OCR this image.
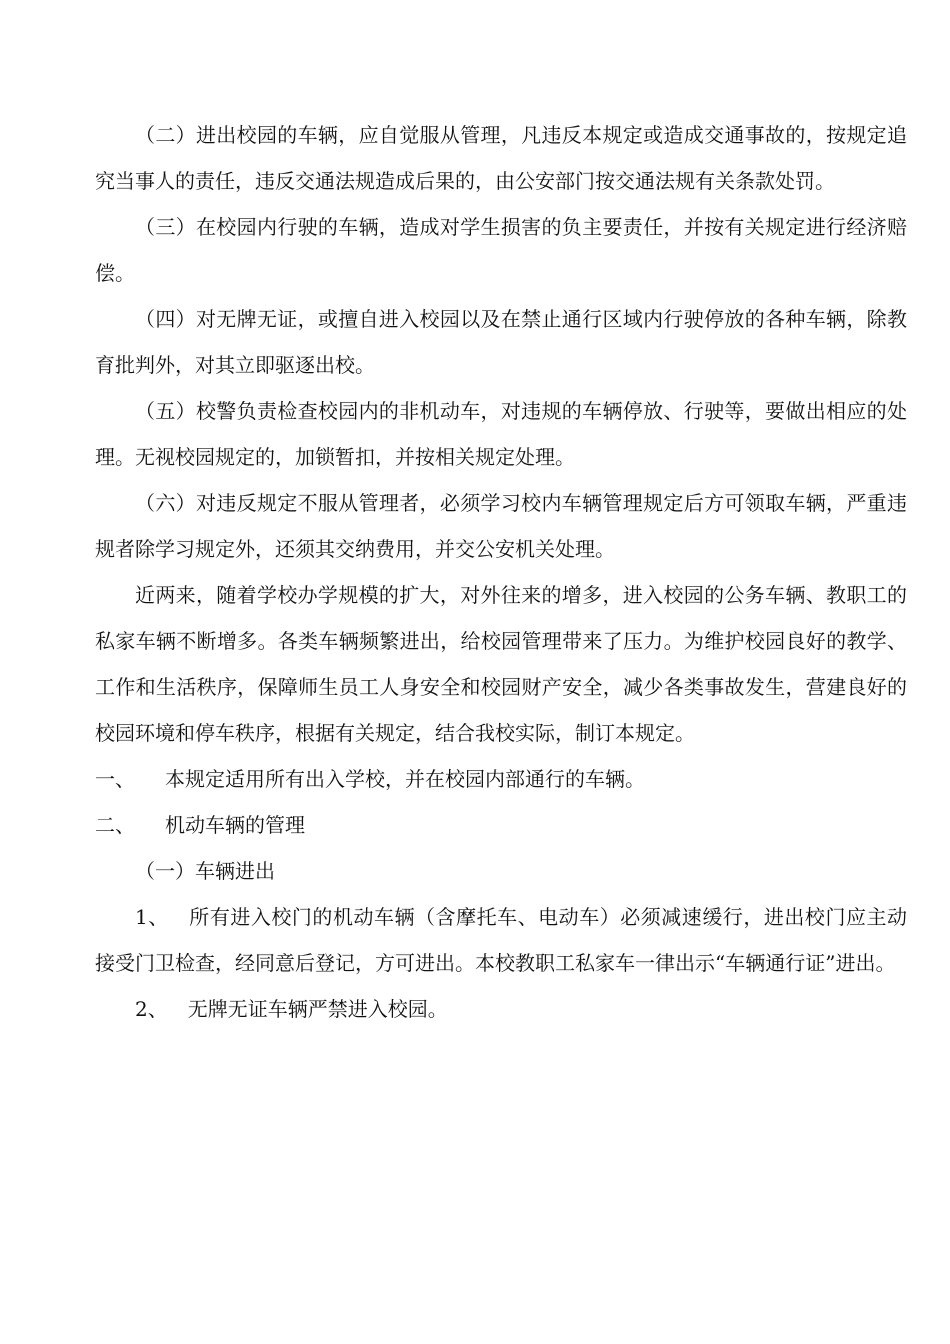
（二）进出校园的车辆，应自觉服从管理，凡违反本规定或造成交通事故的，按规定追究当事人的责任，违反交通法规造成后果的，由公安部门按交通法规有关条款处罚。

（三）在校园内行驶的车辆，造成对学生损害的负主要责任，并按有关规定进行经济赔偿。

（四）对无牌无证，或擅自进入校园以及在禁止通行区域内行驶停放的各种车辆，除教育批判外，对其立即驱逐出校。

（五）校警负责检查校园内的非机动车，对违规的车辆停放、行驶等，要做出相应的处理。无视校园规定的，加锁暂扣，并按相关规定处理。

（六）对违反规定不服从管理者，必须学习校内车辆管理规定后方可领取车辆，严重违规者除学习规定外，还须其交纳费用，并交公安机关处理。

近两来，随着学校办学规模的扩大，对外往来的增多，进入校园的公务车辆、教职工的私家车辆不断增多。各类车辆频繁进出，给校园管理带来了压力。为维护校园良好的教学、工作和生活秩序，保障师生员工人身安全和校园财产安全，减少各类事故发生，营建良好的校园环境和停车秩序，根据有关规定，结合我校实际，制订本规定。

一、	本规定适用所有出入学校，并在校园内部通行的车辆。

二、	机动车辆的管理

（一）车辆进出

1、  所有进入校门的机动车辆（含摩托车、电动车）必须减速缓行，进出校门应主动接受门卫检查，经同意后登记，方可进出。本校教职工私家车一律出示“车辆通行证”进出。

2、  无牌无证车辆严禁进入校园。
